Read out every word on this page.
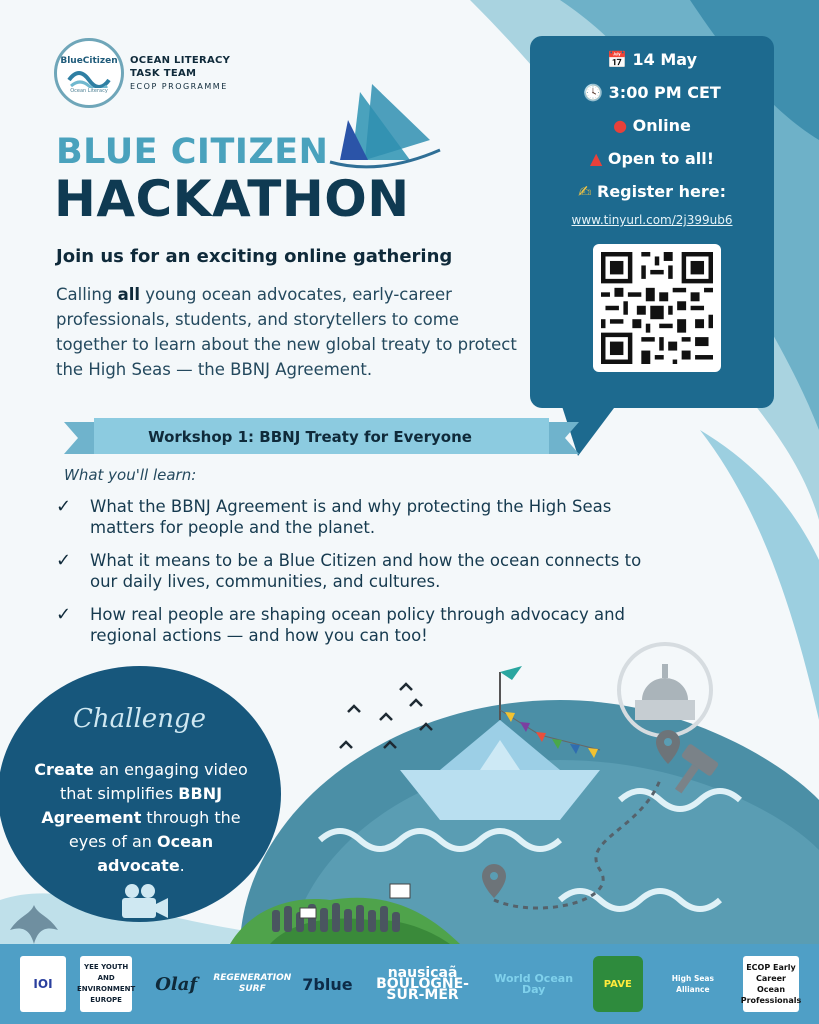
BlueCitizen
Ocean Literacy
OCEAN LITERACY
TASK TEAM
ECOP PROGRAMME
BLUE CITIZEN
HACKATHON
Join us for an exciting online gathering

Calling all young ocean advocates, early-career professionals, students, and storytellers to come together to learn about the new global treaty to protect the High Seas — the BBNJ Agreement.

📅 14 May
🕓 3:00 PM CET
● Online
▲ Open to all!
✍ Register here:
www.tinyurl.com/2j399ub6
Workshop 1: BBNJ Treaty for Everyone
What you'll learn:
✓	What the BBNJ Agreement is and why protecting the High Seas matters for people and the planet.
✓	What it means to be a Blue Citizen and how the ocean connects to our daily lives, communities, and cultures.
✓	How real people are shaping ocean policy through advocacy and regional actions — and how you can too!
Challenge
Create an engaging video that simplifies BBNJ Agreement through the eyes of an Ocean advocate.
IOI
YEE YOUTH AND ENVIRONMENT EUROPE
Olaf	REGENERATION SURF	7blue
nausicaã BOULOGNE-SUR-MER
World Ocean Day	PAVE	High Seas Alliance
ECOP Early Career Ocean Professionals
